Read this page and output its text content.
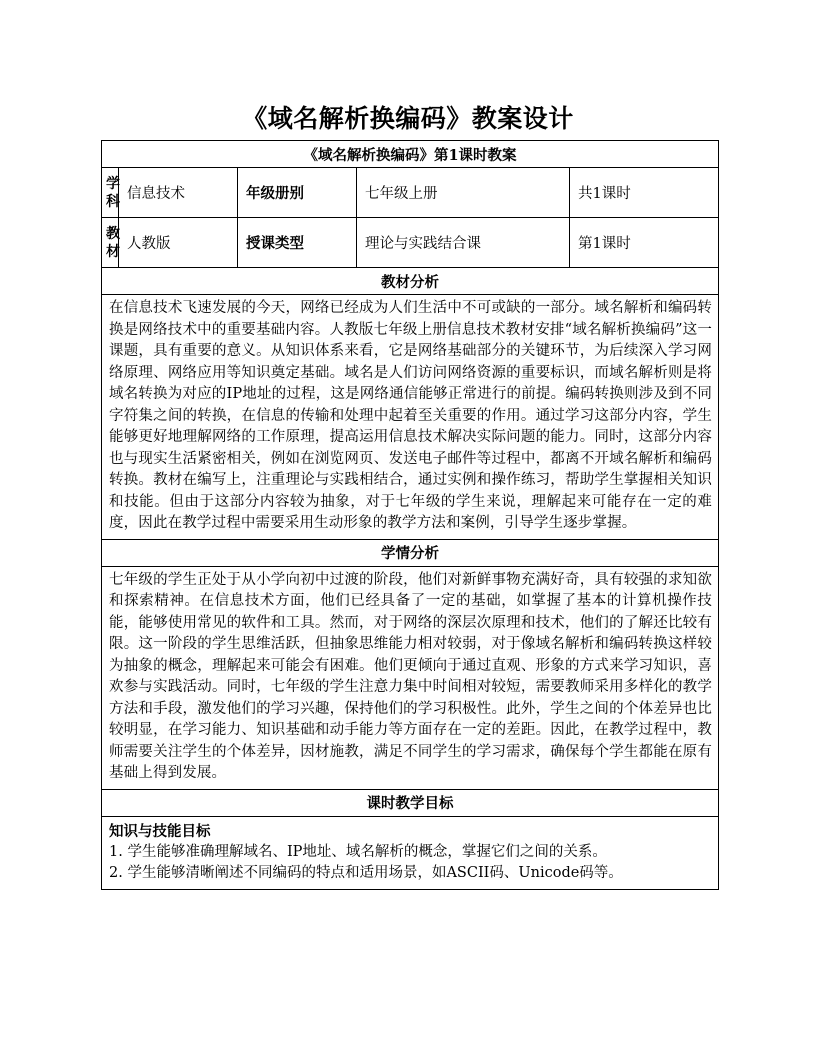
《域名解析换编码》教案设计
《域名解析换编码》第1课时教案				

学科	信息技术	年级册别	七年级上册	共1课时

教材	人教版	授课类型	理论与实践结合课	第1课时
教材分析				
在信息技术飞速发展的今天，网络已经成为人们生活中不可或缺的一部分。域名解析和编码转换是网络技术中的重要基础内容。人教版七年级上册信息技术教材安排“域名解析换编码”这一课题，具有重要的意义。从知识体系来看，它是网络基础部分的关键环节，为后续深入学习网络原理、网络应用等知识奠定基础。域名是人们访问网络资源的重要标识，而域名解析则是将域名转换为对应的IP地址的过程，这是网络通信能够正常进行的前提。编码转换则涉及到不同字符集之间的转换，在信息的传输和处理中起着至关重要的作用。通过学习这部分内容，学生能够更好地理解网络的工作原理，提高运用信息技术解决实际问题的能力。同时，这部分内容也与现实生活紧密相关，例如在浏览网页、发送电子邮件等过程中，都离不开域名解析和编码转换。教材在编写上，注重理论与实践相结合，通过实例和操作练习，帮助学生掌握相关知识和技能。但由于这部分内容较为抽象，对于七年级的学生来说，理解起来可能存在一定的难度，因此在教学过程中需要采用生动形象的教学方法和案例，引导学生逐步掌握。				
学情分析				
七年级的学生正处于从小学向初中过渡的阶段，他们对新鲜事物充满好奇，具有较强的求知欲和探索精神。在信息技术方面，他们已经具备了一定的基础，如掌握了基本的计算机操作技能，能够使用常见的软件和工具。然而，对于网络的深层次原理和技术，他们的了解还比较有限。这一阶段的学生思维活跃，但抽象思维能力相对较弱，对于像域名解析和编码转换这样较为抽象的概念，理解起来可能会有困难。他们更倾向于通过直观、形象的方式来学习知识，喜欢参与实践活动。同时，七年级的学生注意力集中时间相对较短，需要教师采用多样化的教学方法和手段，激发他们的学习兴趣，保持他们的学习积极性。此外，学生之间的个体差异也比较明显，在学习能力、知识基础和动手能力等方面存在一定的差距。因此，在教学过程中，教师需要关注学生的个体差异，因材施教，满足不同学生的学习需求，确保每个学生都能在原有基础上得到发展。				
课时教学目标				

知识与技能目标
1. 学生能够准确理解域名、IP地址、域名解析的概念，掌握它们之间的关系。
2. 学生能够清晰阐述不同编码的特点和适用场景，如ASCII码、Unicode码等。				
